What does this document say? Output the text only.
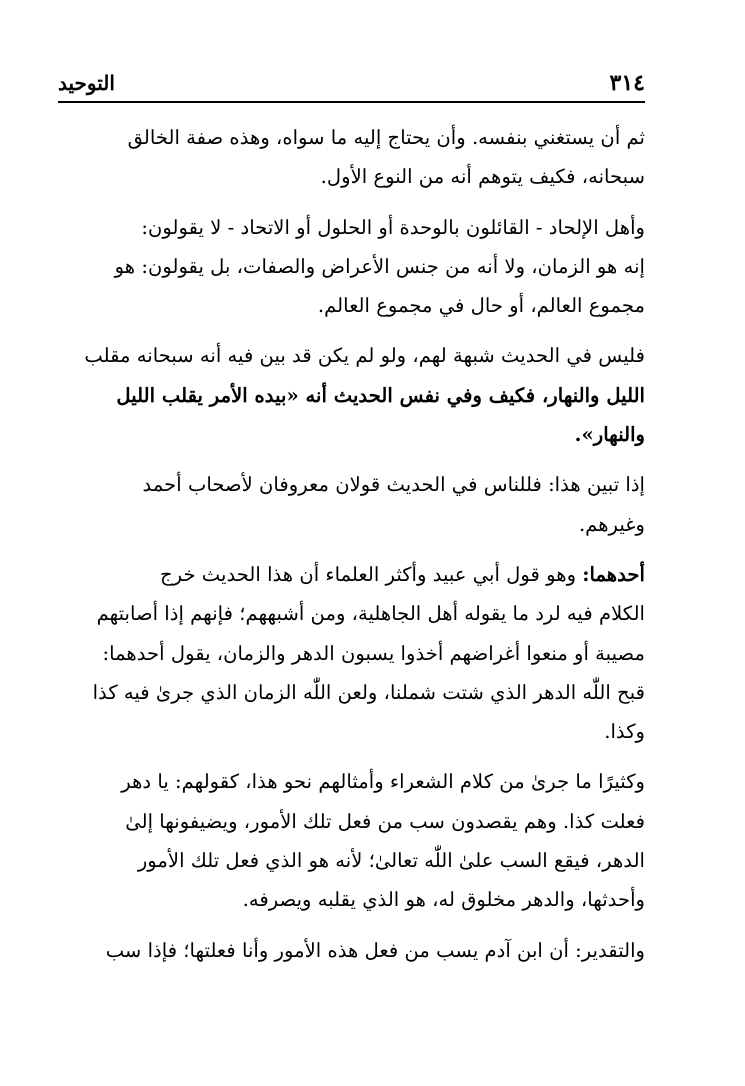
٣١٤
التوحيد
ثم أن يستغني بنفسه. وأن يحتاج إليه ما سواه، وهذه صفة الخالق
سبحانه، فكيف يتوهم أنه من النوع الأول.
وأهل الإلحاد - القائلون بالوحدة أو الحلول أو الاتحاد - لا يقولون:
إنه هو الزمان، ولا أنه من جنس الأعراض والصفات، بل يقولون: هو
مجموع العالم، أو حال في مجموع العالم.
فليس في الحديث شبهة لهم، ولو لم يكن قد بين فيه أنه سبحانه مقلب
الليل والنهار، فكيف وفي نفس الحديث أنه «بيده الأمر يقلب الليل
والنهار».
إذا تبين هذا: فللناس في الحديث قولان معروفان لأصحاب أحمد
وغيرهم.
أحدهما: وهو قول أبي عبيد وأكثر العلماء أن هذا الحديث خرج
الكلام فيه لرد ما يقوله أهل الجاهلية، ومن أشبههم؛ فإنهم إذا أصابتهم
مصيبة أو منعوا أغراضهم أخذوا يسبون الدهر والزمان، يقول أحدهما:
قبح اللّٰه الدهر الذي شتت شملنا، ولعن اللّٰه الزمان الذي جرىٰ فيه كذا
وكذا.
وكثيرًا ما جرىٰ من كلام الشعراء وأمثالهم نحو هذا، كقولهم: يا دهر
فعلت كذا. وهم يقصدون سب من فعل تلك الأمور، ويضيفونها إلىٰ
الدهر، فيقع السب علىٰ اللّٰه تعالىٰ؛ لأنه هو الذي فعل تلك الأمور
وأحدثها، والدهر مخلوق له، هو الذي يقلبه ويصرفه.
والتقدير: أن ابن آدم يسب من فعل هذه الأمور وأنا فعلتها؛ فإذا سب
